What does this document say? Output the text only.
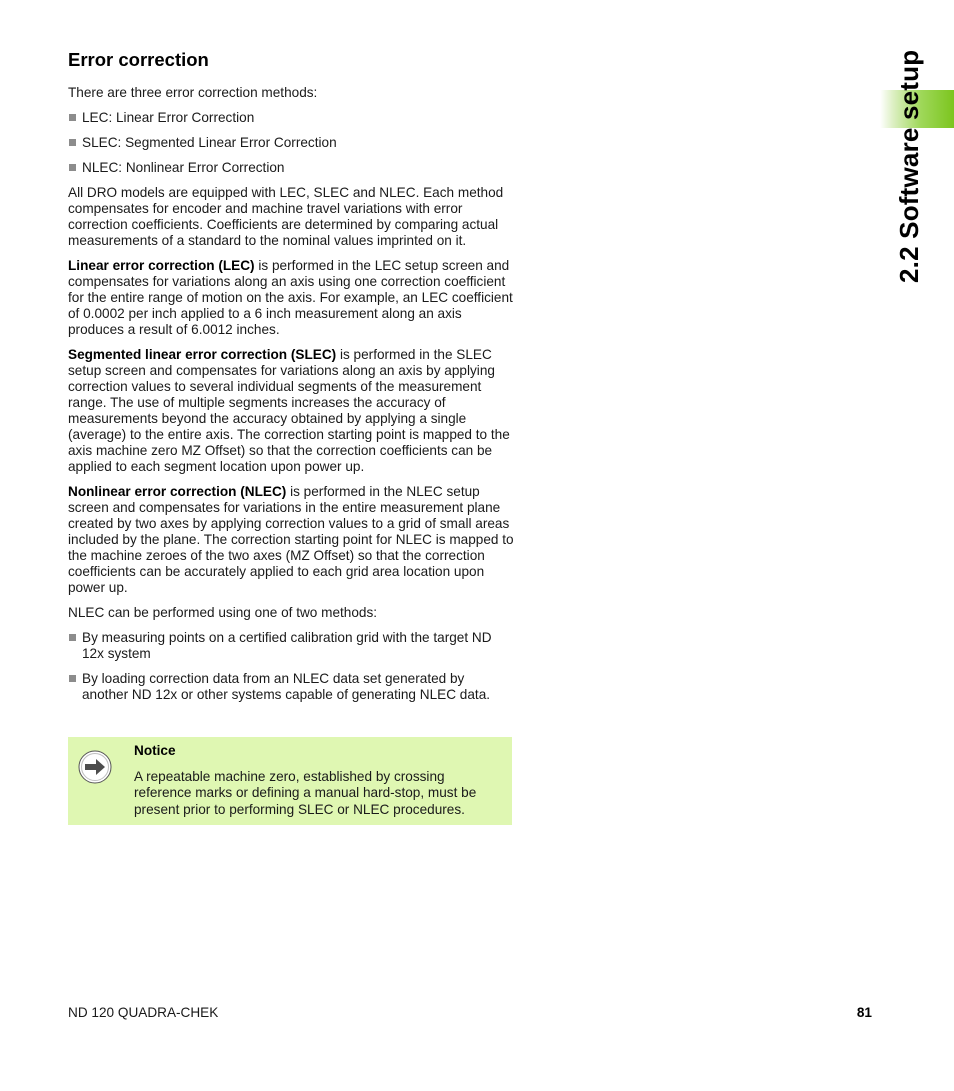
2.2 Software setup
Error correction

There are three error correction methods:

LEC: Linear Error Correction
SLEC: Segmented Linear Error Correction
NLEC: Nonlinear Error Correction

All DRO models are equipped with LEC, SLEC and NLEC. Each method compensates for encoder and machine travel variations with error correction coefficients. Coefficients are determined by comparing actual measurements of a standard to the nominal values imprinted on it.

Linear error correction (LEC) is performed in the LEC setup screen and compensates for variations along an axis using one correction coefficient for the entire range of motion on the axis. For example, an LEC coefficient of 0.0002 per inch applied to a 6 inch measurement along an axis produces a result of 6.0012 inches.

Segmented linear error correction (SLEC) is performed in the SLEC setup screen and compensates for variations along an axis by applying correction values to several individual segments of the measurement range. The use of multiple segments increases the accuracy of measurements beyond the accuracy obtained by applying a single (average) to the entire axis. The correction starting point is mapped to the axis machine zero MZ Offset) so that the correction coefficients can be applied to each segment location upon power up.

Nonlinear error correction (NLEC) is performed in the NLEC setup screen and compensates for variations in the entire measurement plane created by two axes by applying correction values to a grid of small areas included by the plane. The correction starting point for NLEC is mapped to the machine zeroes of the two axes (MZ Offset) so that the correction coefficients can be accurately applied to each grid area location upon power up.

NLEC can be performed using one of two methods:

By measuring points on a certified calibration grid with the target ND 12x system
By loading correction data from an NLEC data set generated by another ND 12x or other systems capable of generating NLEC data.
Notice
A repeatable machine zero, established by crossing reference marks or defining a manual hard-stop, must be present prior to performing SLEC or NLEC procedures.
ND 120 QUADRA-CHEK	81
